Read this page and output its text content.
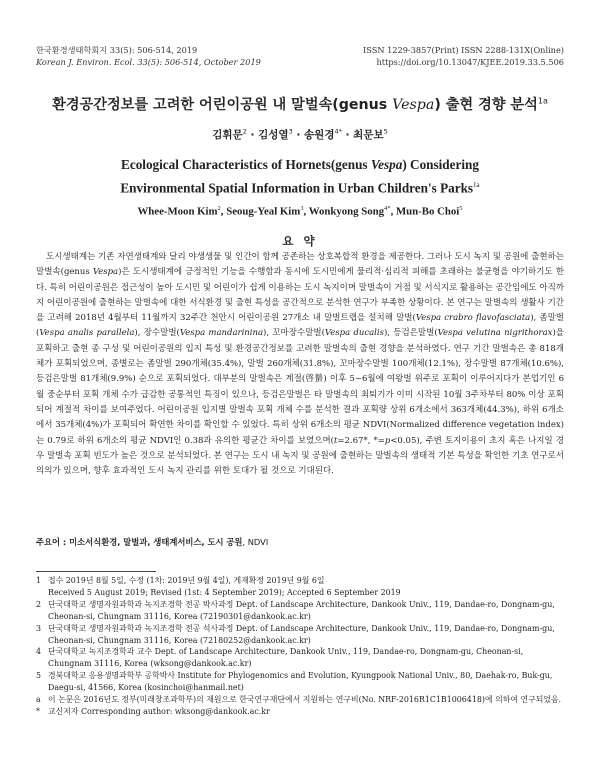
한국환경생태학회지 33(5): 506-514, 2019
Korean J. Environ. Ecol. 33(5): 506-514, October 2019
ISSN 1229-3857(Print) ISSN 2288-131X(Online)
https://doi.org/10.13047/KJEE.2019.33.5.506
환경공간정보를 고려한 어린이공원 내 말벌속(genus Vespa) 출현 경향 분석$^{1a}$
김휘문$^2$ · 김성열$^3$ · 송원경$^{4*}$ · 최문보$^5$
Ecological Characteristics of Hornets(genus Vespa) Considering
Environmental Spatial Information in Urban Children's Parks$^{1a}$
Whee-Moon Kim$^2$, Seoug-Yeal Kim$^3$, Wonkyong Song$^{4*}$, Mun-Bo Choi$^5$
요 약
도시생태계는 기존 자연생태계와 달리 야생생물 및 인간이 함께 공존하는 상호복합적 환경을 제공한다. 그러나 도시 녹지 및 공원에 출현하는 말벌속(genus Vespa)은 도시생태계에 긍정적인 기능을 수행함과 동시에 도시민에게 물리적·심리적 피해를 초래하는 불균형을 야기하기도 한다. 특히 어린이공원은 접근성이 높아 도시민 및 어린이가 쉽게 이용하는 도시 녹지이며 말벌속이 거점 및 서식지로 활용하는 공간임에도 아직까지 어린이공원에 출현하는 말벌속에 대한 서식환경 및 출현 특성을 공간적으로 분석한 연구가 부족한 상황이다. 본 연구는 말벌속의 생활사 기간을 고려해 2018년 4월부터 11월까지 32주간 천안시 어린이공원 27개소 내 말벌트랩을 설치해 말벌(Vespa crabro flavofasciata), 좀말벌(Vespa analis parallela), 장수말벌(Vespa mandarinina), 꼬마장수말벌(Vespa ducalis), 등검은말벌(Vespa velutina nigrithorax)을 포획하고 출현 종 구성 및 어린이공원의 입지 특성 및 환경공간정보를 고려한 말벌속의 출현 경향을 분석하였다. 연구 기간 말벌속은 총 818개체가 포획되었으며, 종별로는 좀말벌 290개체(35.4%), 말벌 260개체(31.8%), 꼬마장수말벌 100개체(12.1%), 장수말벌 87개체(10.6%), 등검은말벌 81개체(9.9%) 순으로 포획되었다. 대부분의 말벌속은 계절(啓蟄) 이후 5~6월에 여왕벌 위주로 포획이 이루어지다가 본업기인 6월 중순부터 포획 개체 수가 급감한 공통적인 특징이 있으나, 등검은말벌은 타 말벌속의 최퇴기가 이미 시작된 10월 3주차부터 80% 이상 포획되어 계절적 차이를 보여주었다. 어린이공원 입지별 말벌속 포획 개체 수를 분석한 결과 포획량 상위 6개소에서 363개체(44.3%), 하위 6개소에서 35개체(4%)가 포획되어 확연한 차이를 확인할 수 있었다. 특히 상위 6개소의 평균 NDVI(Normalized difference vegetation index)는 0.79로 하위 6개소의 평균 NDVI인 0.38과 유의한 평균간 차이를 보였으며(t=2.67*, *=p<0.05), 주변 토지이용이 초지 혹은 나지일 경우 말벌속 포획 빈도가 높은 것으로 분석되었다. 본 연구는 도시 내 녹지 및 공원에 출현하는 말벌속의 생태적 기본 특성을 확인한 기초 연구로서 의의가 있으며, 향후 효과적인 도시 녹지 관리를 위한 토대가 될 것으로 기대된다.
주요어 : 미소서식환경, 말벌과, 생태계서비스, 도시 공원, NDVI
1 접수 2019년 8월 5일, 수정 (1차: 2019년 9월 4일), 게재확정 2019년 9월 6일
Received 5 August 2019; Revised (1st: 4 September 2019); Accepted 6 September 2019
2 단국대학교 생명자원과학과 녹지조경학 전공 박사과정 Dept. of Landscape Architecture, Dankook Univ., 119, Dandae-ro, Dongnam-gu, Cheonan-si, Chungnam 31116, Korea (72190301@dankook.ac.kr)
3 단국대학교 생명자원과학과 녹지조경학 전공 석사과정 Dept. of Landscape Architecture, Dankook Univ., 119, Dandae-ro, Dongnam-gu, Cheonan-si, Chungnam 31116, Korea (72180252@dankook.ac.kr)
4 단국대학교 녹지조경학과 교수 Dept. of Landscape Architecture, Dankook Univ., 119, Dandae-ro, Dongnam-gu, Cheonan-si, Chungnam 31116, Korea (wksong@dankook.ac.kr)
5 경북대학교 응용생명과학부 공학박사 Institute for Phylogenomics and Evolution, Kyungpook National Univ., 80, Daehak-ro, Buk-gu, Daegu-si, 41566, Korea (kosinchoi@hanmail.net)
a 이 논문은 2016년도 정부(미래창조과학부)의 재원으로 한국연구재단에서 지원하는 연구비(No. NRF-2016R1C1B1006418)에 의하여 연구되었음.
*	교신저자 Corresponding author: wksong@dankook.ac.kr
